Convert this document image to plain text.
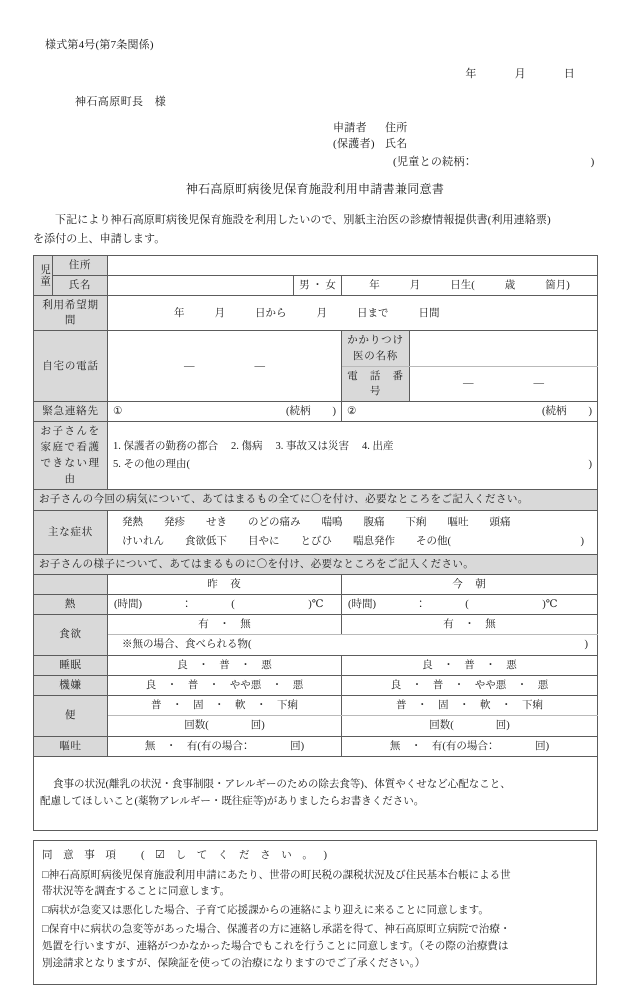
様式第4号(第7条関係)
年	月	日
神石高原町長　様
申請者 住所
(保護者) 氏名
(児童との続柄：	)
神石高原町病後児保育施設利用申請書兼同意書
下記により神石高原町病後児保育施設を利用したいので、別紙主治医の診療情報提供書(利用連絡票)
を添付の上、申請します。
児童	住所				
	氏名		男 ・ 女	年 月 日生( 歳 箇月)	
利用希望期間		年 月 日から 月 日まで 日間			
自宅の電話		— —		かかりつけ医の名称	
				電　話　番　号	— —
緊急連絡先		① (続柄 )		② (続柄 )	

お子さんを家庭で看護できない理由		1. 保護者の勤務の都合 2. 傷病 3. 事故又は災害 4. 出産
5. その他の理由( )			

お子さんの今回の病気について、あてはまるもの全てに〇を付け、必要なところをご記入ください。					
主な症状		発熱　　発疹　　せき　　のどの痛み　　喘鳴　　腹痛　　下痢　　嘔吐　　頭痛
けいれん　　食欲低下　　目やに　　とびひ　　喘息発作　　その他( )			

お子さんの様子について、あてはまるものに〇を付け、必要なところをご記入ください。					
		昨　夜		今　朝	
熱		(時間)　　　　：　　　　(　　　　　　　)℃		(時間)　　　　：　　　　(　　　　　　　)℃	
食欲		有　・　無		有　・　無	
		※無の場合、食べられる物( )			

睡眠		良　・　普　・　悪		良　・　普　・　悪	
機嫌		良　・　普　・　やや悪　・　悪		良　・　普　・　やや悪　・　悪	
便		普　・　固　・　軟　・　下痢		普　・　固　・　軟　・　下痢	
		回数(　　　　回)		回数(　　　　回)	
嘔吐		無　・　有(有の場合：　　　　回)		無　・　有(有の場合：　　　　回)	

食事の状況(離乳の状況・食事制限・アレルギーのための除去食等)、体質やくせなど心配なこと、
配慮してほしいこと(薬物アレルギー・既往症等)がありましたらお書きください。					
同 意 事 項 　( ☑ し て く だ さ い 。 )
□神石高原町病後児保育施設利用申請にあたり、世帯の町民税の課税状況及び住民基本台帳による世
帯状況等を調査することに同意します。
□病状が急変又は悪化した場合、子育て応援課からの連絡により迎えに来ることに同意します。
□保育中に病状の急変等があった場合、保護者の方に連絡し承諾を得て、神石高原町立病院で治療・
処置を行いますが、連絡がつかなかった場合でもこれを行うことに同意します。（その際の治療費は
別途請求となりますが、保険証を使っての治療になりますのでご了承ください。）
